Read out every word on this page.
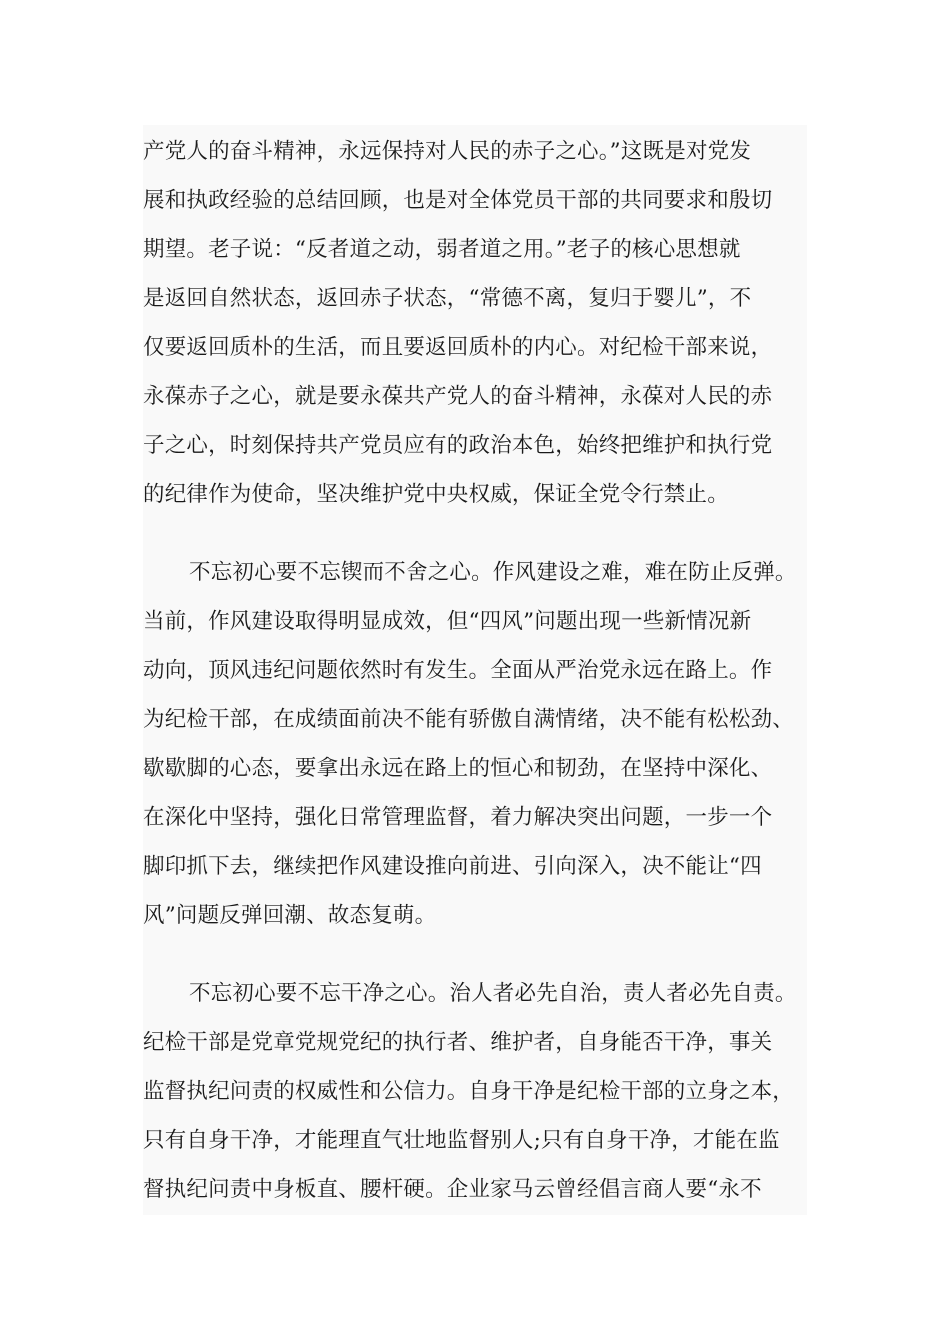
产党人的奋斗精神，永远保持对人民的赤子之心。”这既是对党发
展和执政经验的总结回顾，也是对全体党员干部的共同要求和殷切
期望。老子说：“反者道之动，弱者道之用。”老子的核心思想就
是返回自然状态，返回赤子状态，“常德不离，复归于婴儿”，不
仅要返回质朴的生活，而且要返回质朴的内心。对纪检干部来说，
永葆赤子之心，就是要永葆共产党人的奋斗精神，永葆对人民的赤
子之心，时刻保持共产党员应有的政治本色，始终把维护和执行党
的纪律作为使命，坚决维护党中央权威，保证全党令行禁止。
不忘初心要不忘锲而不舍之心。作风建设之难，难在防止反弹。
当前，作风建设取得明显成效，但“四风”问题出现一些新情况新
动向，顶风违纪问题依然时有发生。全面从严治党永远在路上。作
为纪检干部，在成绩面前决不能有骄傲自满情绪，决不能有松松劲、
歇歇脚的心态，要拿出永远在路上的恒心和韧劲，在坚持中深化、
在深化中坚持，强化日常管理监督，着力解决突出问题，一步一个
脚印抓下去，继续把作风建设推向前进、引向深入，决不能让“四
风”问题反弹回潮、故态复萌。
不忘初心要不忘干净之心。治人者必先自治，责人者必先自责。
纪检干部是党章党规党纪的执行者、维护者，自身能否干净，事关
监督执纪问责的权威性和公信力。自身干净是纪检干部的立身之本，
只有自身干净，才能理直气壮地监督别人;只有自身干净，才能在监
督执纪问责中身板直、腰杆硬。企业家马云曾经倡言商人要“永不
